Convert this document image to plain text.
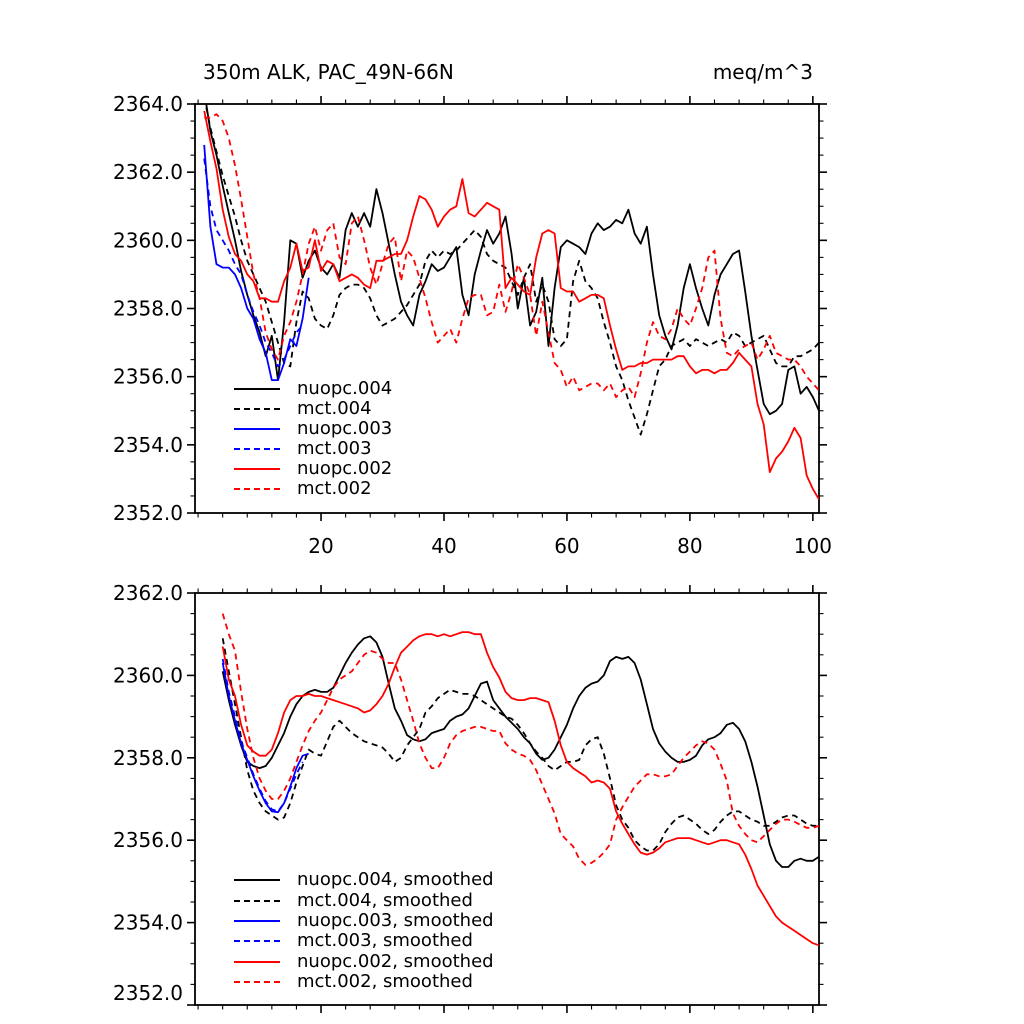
2352.0
2354.0
2356.0
2358.0
2360.0
2362.0
2364.0
20	40	60	80	100
2352.0
2354.0
2356.0
2358.0
2360.0
2362.0
350m ALK, PAC_49N-66N	meq/m^3
nuopc.004
mct.004
nuopc.003
mct.003
nuopc.002
mct.002
nuopc.004, smoothed
mct.004, smoothed
nuopc.003, smoothed
mct.003, smoothed
nuopc.002, smoothed
mct.002, smoothed
